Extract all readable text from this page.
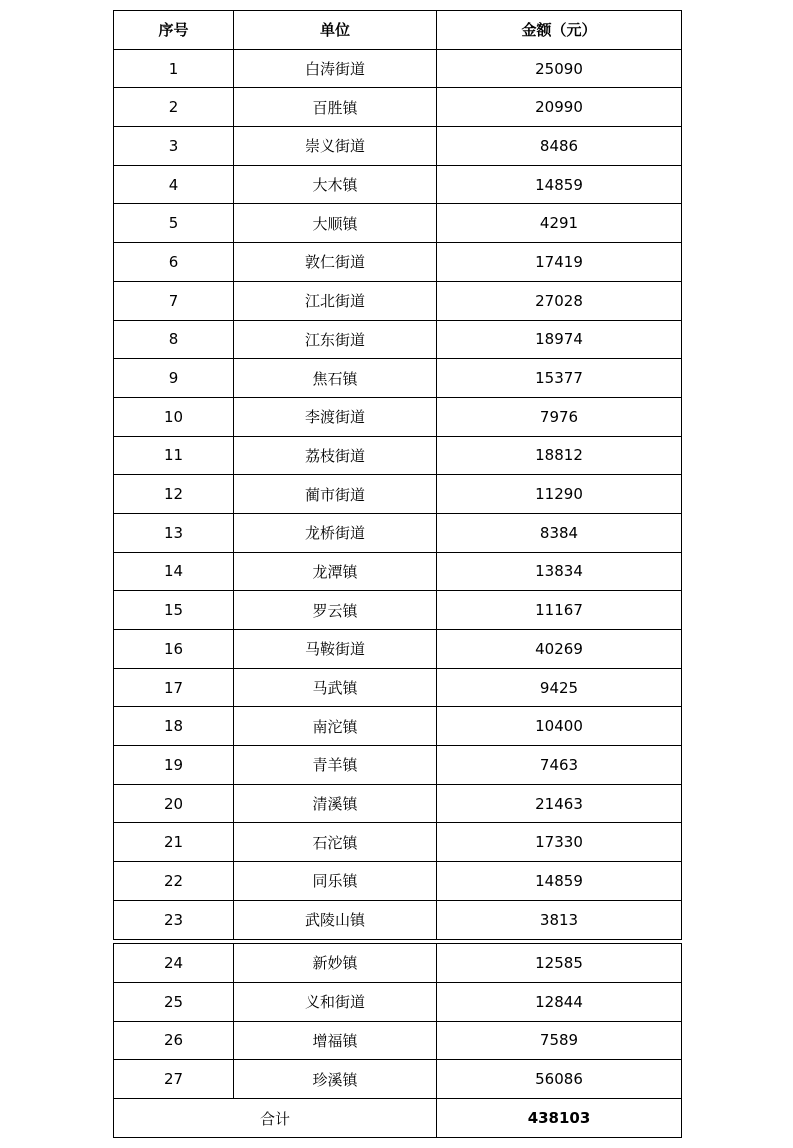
序号	单位	金额（元）
1	白涛街道	25090
2	百胜镇	20990
3	崇义街道	8486
4	大木镇	14859
5	大顺镇	4291
6	敦仁街道	17419
7	江北街道	27028
8	江东街道	18974
9	焦石镇	15377
10	李渡街道	7976
11	荔枝街道	18812
12	蔺市街道	11290
13	龙桥街道	8384
14	龙潭镇	13834
15	罗云镇	11167
16	马鞍街道	40269
17	马武镇	9425
18	南沱镇	10400
19	青羊镇	7463
20	清溪镇	21463
21	石沱镇	17330
22	同乐镇	14859
23	武陵山镇	3813
24	新妙镇	12585
25	义和街道	12844
26	增福镇	7589
27	珍溪镇	56086
合计		438103
